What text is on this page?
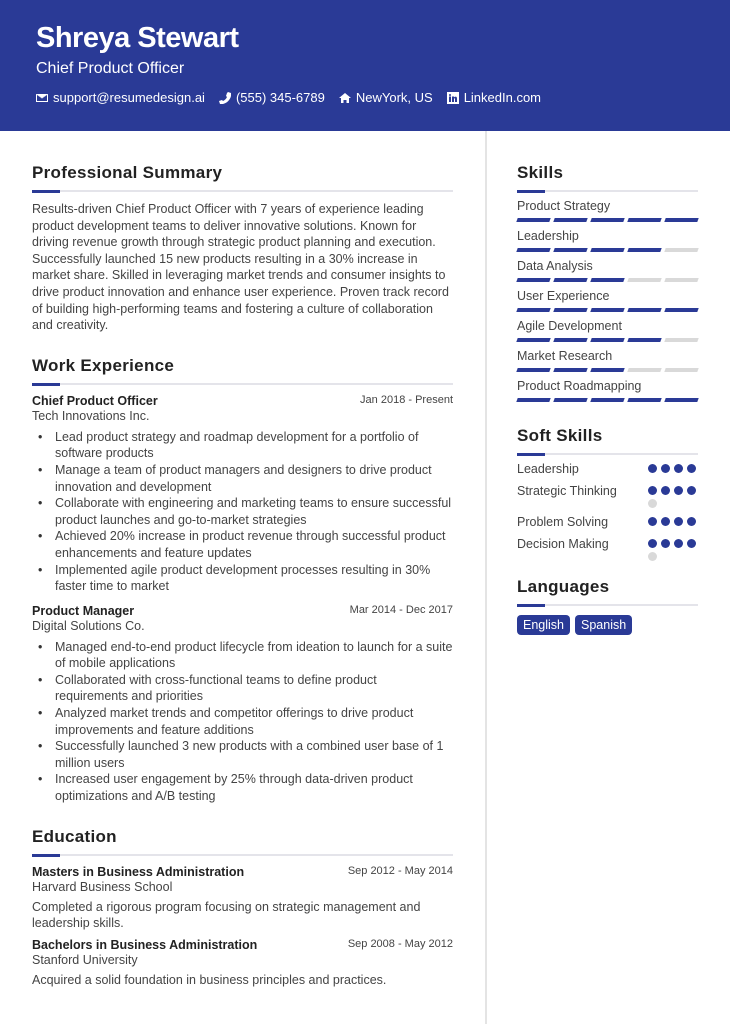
Shreya Stewart
Chief Product Officer
support@resumedesign.ai (555) 345-6789 NewYork, US LinkedIn.com
Professional Summary

Results-driven Chief Product Officer with 7 years of experience leading product development teams to deliver innovative solutions. Known for driving revenue growth through strategic product planning and execution. Successfully launched 15 new products resulting in a 30% increase in market share. Skilled in leveraging market trends and consumer insights to drive product innovation and enhance user experience. Proven track record of building high-performing teams and fostering a culture of collaboration and creativity.

Work Experience
Chief Product Officer	Jan 2018 - Present
Tech Innovations Inc.
• Lead product strategy and roadmap development for a portfolio of software products
• Manage a team of product managers and designers to drive product innovation and development
• Collaborate with engineering and marketing teams to ensure successful product launches and go-to-market strategies
• Achieved 20% increase in product revenue through successful product enhancements and feature updates
• Implemented agile product development processes resulting in 30% faster time to market
Product Manager	Mar 2014 - Dec 2017
Digital Solutions Co.
• Managed end-to-end product lifecycle from ideation to launch for a suite of mobile applications
• Collaborated with cross-functional teams to define product requirements and priorities
• Analyzed market trends and competitor offerings to drive product improvements and feature additions
• Successfully launched 3 new products with a combined user base of 1 million users
• Increased user engagement by 25% through data-driven product optimizations and A/B testing
Education
Masters in Business Administration	Sep 2012 - May 2014
Harvard Business School

Completed a rigorous program focusing on strategic management and leadership skills.

Bachelors in Business Administration	Sep 2008 - May 2012
Stanford University

Acquired a solid foundation in business principles and practices.

Skills
Product Strategy
Leadership
Data Analysis
User Experience
Agile Development
Market Research
Product Roadmapping
Soft Skills
Leadership
Strategic Thinking
Problem Solving
Decision Making
Languages
English	Spanish
